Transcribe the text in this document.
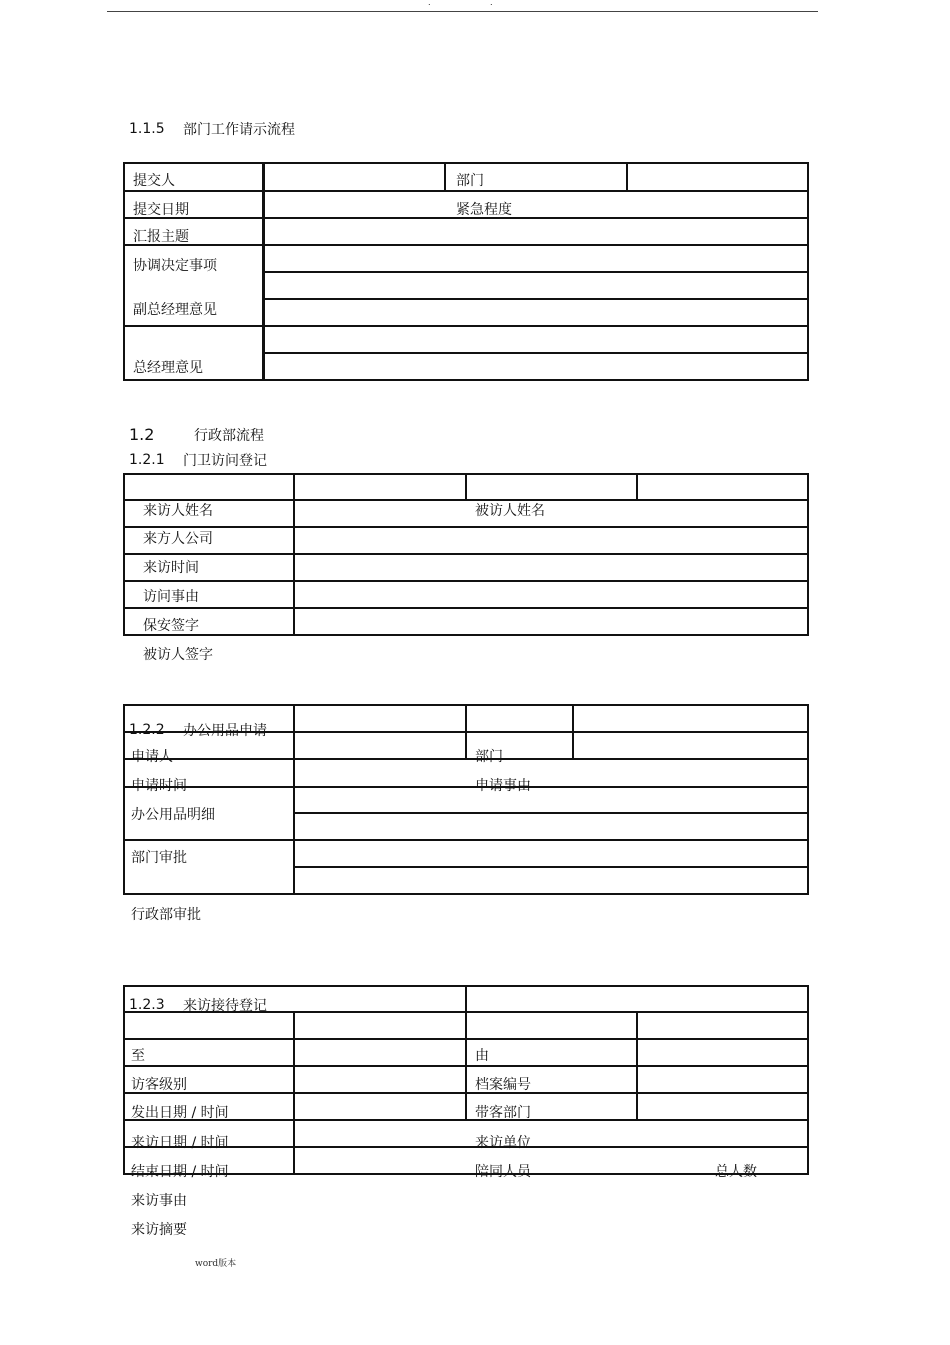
.	.
1.1.5 部门工作请示流程
提交人	部门
提交日期	紧急程度
汇报主题
协调决定事项
副总经理意见
总经理意见
1.2	行政部流程
1.2.1 门卫访问登记
来访人姓名	被访人姓名
来方人公司
来访时间
访问事由
保安签字
被访人签字
1.2.2 办公用品申请
申请人	部门
申请时间	申请事由
办公用品明细
部门审批
行政部审批
1.2.3 来访接待登记
至	由
访客级别	档案编号
发出日期 / 时间	带客部门
来访日期 / 时间	来访单位
结束日期 / 时间	陪同人员	总人数
来访事由
来访摘要
word版本
